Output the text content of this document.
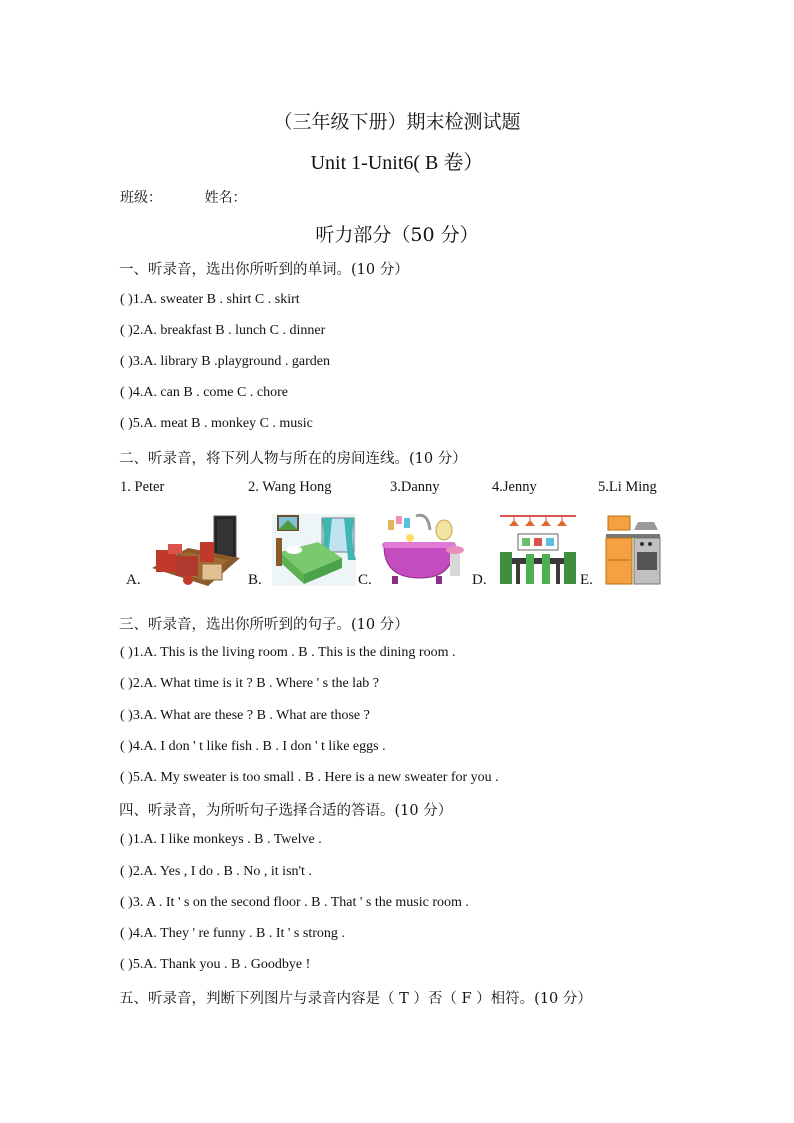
（三年级下册）期末检测试题
Unit 1-Unit6( B 卷）
班级：	姓名：
听力部分（50 分）
一、听录音，选出你所听到的单词。(10 分）
( )1.A. sweater B . shirt C . skirt
( )2.A. breakfast B . lunch C . dinner
( )3.A. library B .playground . garden
( )4.A. can B . come C . chore
( )5.A. meat B . monkey C . music
二、听录音，将下列人物与所在的房间连线。(10 分）
1. Peter	2. Wang Hong	3.Danny	4.Jenny	5.Li Ming
A.	B.	C.	D.	E.
三、听录音，选出你所听到的句子。(10 分）
( )1.A. This is the living room . B . This is the dining room .
( )2.A. What time is it ? B . Where ' s the lab ?
( )3.A. What are these ? B . What are those ?
( )4.A. I don ' t like fish . B . I don ' t like eggs .
( )5.A. My sweater is too small . B . Here is a new sweater for you .
四、听录音，为所听句子选择合适的答语。(10 分）
( )1.A. I like monkeys . B . Twelve .
( )2.A. Yes , I do . B . No , it isn't .
( )3. A . It ' s on the second floor . B . That ' s the music room .
( )4.A. They ' re funny . B . It ' s strong .
( )5.A. Thank you . B . Goodbye !
五、听录音，判断下列图片与录音内容是（ T ）否（ F ）相符。(10 分）
